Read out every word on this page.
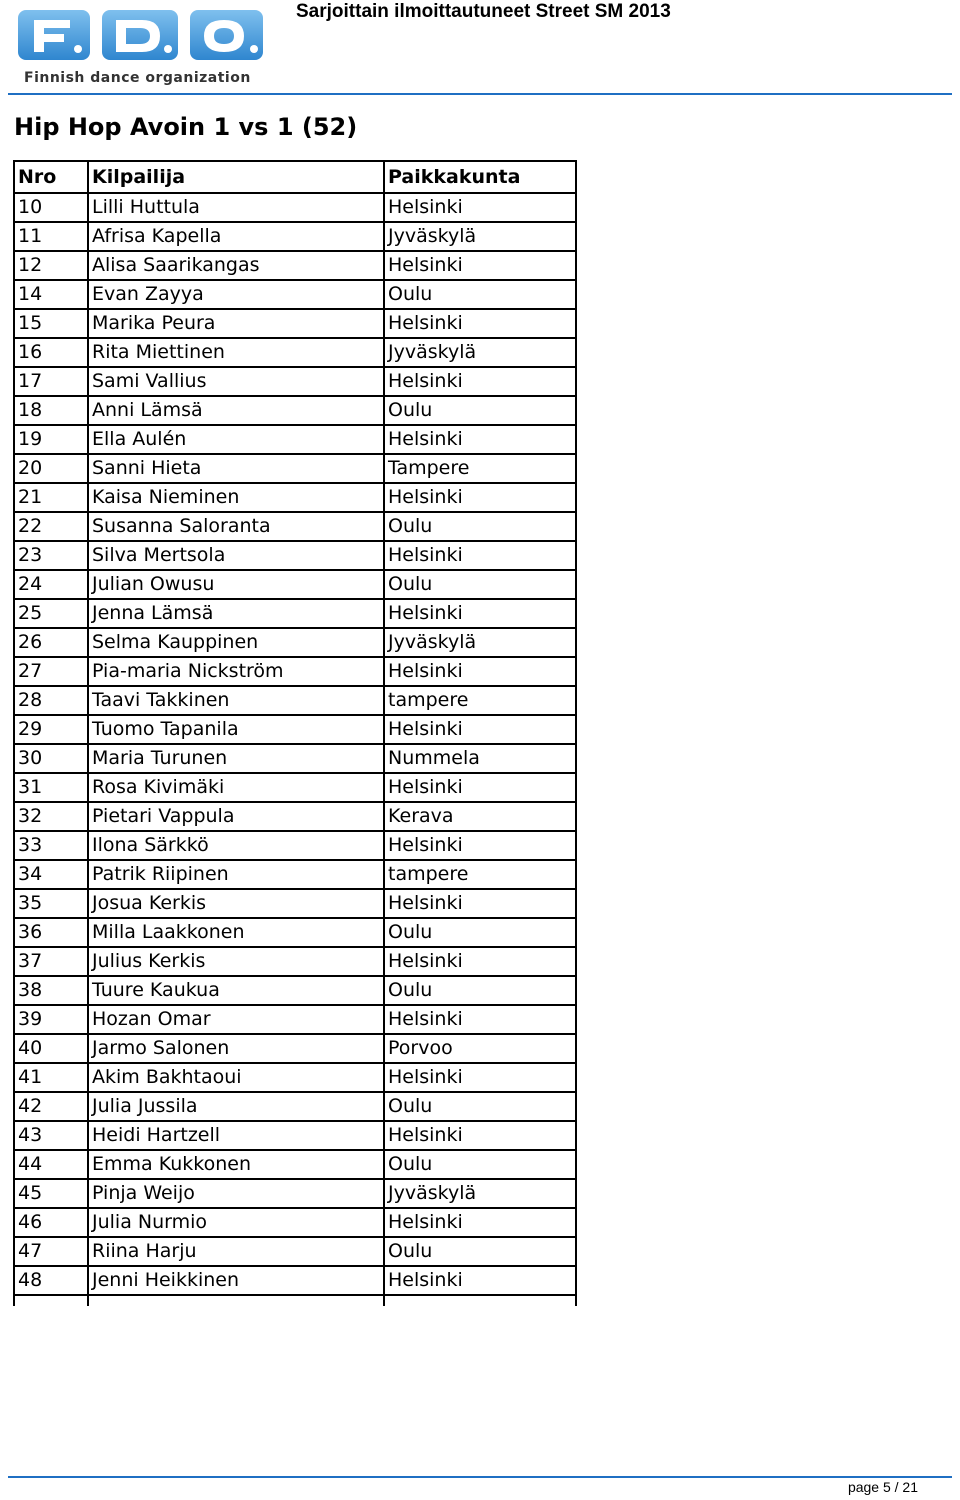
Finnish dance organization
Sarjoittain ilmoittautuneet Street SM 2013
Hip Hop Avoin 1 vs 1 (52)
Nro	Kilpailija	Paikkakunta
10	Lilli Huttula	Helsinki
11	Afrisa Kapella	Jyväskylä
12	Alisa Saarikangas	Helsinki
14	Evan Zayya	Oulu
15	Marika Peura	Helsinki
16	Rita Miettinen	Jyväskylä
17	Sami Vallius	Helsinki
18	Anni Lämsä	Oulu
19	Ella Aulén	Helsinki
20	Sanni Hieta	Tampere
21	Kaisa Nieminen	Helsinki
22	Susanna Saloranta	Oulu
23	Silva Mertsola	Helsinki
24	Julian Owusu	Oulu
25	Jenna Lämsä	Helsinki
26	Selma Kauppinen	Jyväskylä
27	Pia-maria Nickström	Helsinki
28	Taavi Takkinen	tampere
29	Tuomo Tapanila	Helsinki
30	Maria Turunen	Nummela
31	Rosa Kivimäki	Helsinki
32	Pietari Vappula	Kerava
33	Ilona Särkkö	Helsinki
34	Patrik Riipinen	tampere
35	Josua Kerkis	Helsinki
36	Milla Laakkonen	Oulu
37	Julius Kerkis	Helsinki
38	Tuure Kaukua	Oulu
39	Hozan Omar	Helsinki
40	Jarmo Salonen	Porvoo
41	Akim Bakhtaoui	Helsinki
42	Julia Jussila	Oulu
43	Heidi Hartzell	Helsinki
44	Emma Kukkonen	Oulu
45	Pinja Weijo	Jyväskylä
46	Julia Nurmio	Helsinki
47	Riina Harju	Oulu
48	Jenni Heikkinen	Helsinki

page 5 / 21
